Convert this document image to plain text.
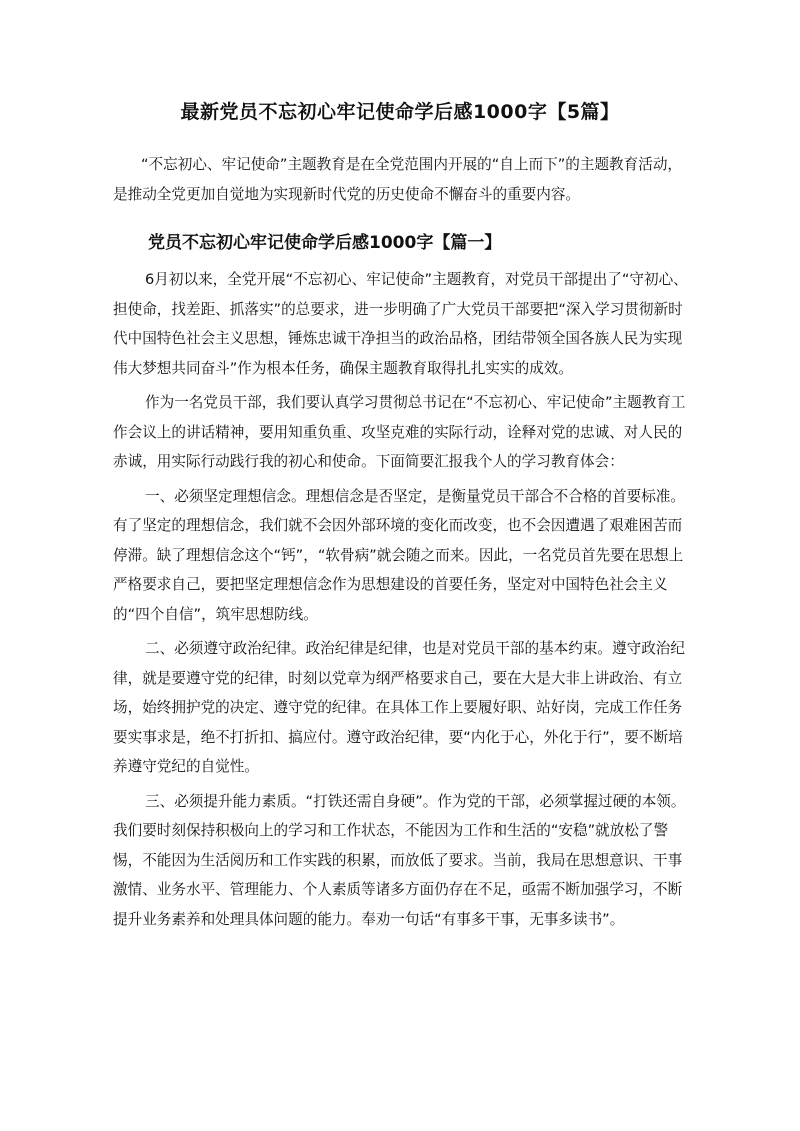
最新党员不忘初心牢记使命学后感1000字【5篇】

“不忘初心、牢记使命”主题教育是在全党范围内开展的“自上而下”的主题教育活动，是推动全党更加自觉地为实现新时代党的历史使命不懈奋斗的重要内容。

党员不忘初心牢记使命学后感1000字【篇一】

6月初以来，全党开展“不忘初心、牢记使命”主题教育，对党员干部提出了“守初心、担使命，找差距、抓落实”的总要求，进一步明确了广大党员干部要把“深入学习贯彻新时代中国特色社会主义思想，锤炼忠诚干净担当的政治品格，团结带领全国各族人民为实现伟大梦想共同奋斗”作为根本任务，确保主题教育取得扎扎实实的成效。

作为一名党员干部，我们要认真学习贯彻总书记在“不忘初心、牢记使命”主题教育工作会议上的讲话精神，要用知重负重、攻坚克难的实际行动，诠释对党的忠诚、对人民的赤诚，用实际行动践行我的初心和使命。下面简要汇报我个人的学习教育体会：

一、必须坚定理想信念。理想信念是否坚定，是衡量党员干部合不合格的首要标准。有了坚定的理想信念，我们就不会因外部环境的变化而改变，也不会因遭遇了艰难困苦而停滞。缺了理想信念这个“钙”，“软骨病”就会随之而来。因此，一名党员首先要在思想上严格要求自己，要把坚定理想信念作为思想建设的首要任务，坚定对中国特色社会主义的“四个自信”，筑牢思想防线。

二、必须遵守政治纪律。政治纪律是纪律，也是对党员干部的基本约束。遵守政治纪律，就是要遵守党的纪律，时刻以党章为纲严格要求自己，要在大是大非上讲政治、有立场，始终拥护党的决定、遵守党的纪律。在具体工作上要履好职、站好岗，完成工作任务要实事求是，绝不打折扣、搞应付。遵守政治纪律，要“内化于心，外化于行”，要不断培养遵守党纪的自觉性。

三、必须提升能力素质。“打铁还需自身硬”。作为党的干部，必须掌握过硬的本领。我们要时刻保持积极向上的学习和工作状态，不能因为工作和生活的“安稳”就放松了警惕，不能因为生活阅历和工作实践的积累，而放低了要求。当前，我局在思想意识、干事激情、业务水平、管理能力、个人素质等诸多方面仍存在不足，亟需不断加强学习，不断提升业务素养和处理具体问题的能力。奉劝一句话“有事多干事，无事多读书”。
